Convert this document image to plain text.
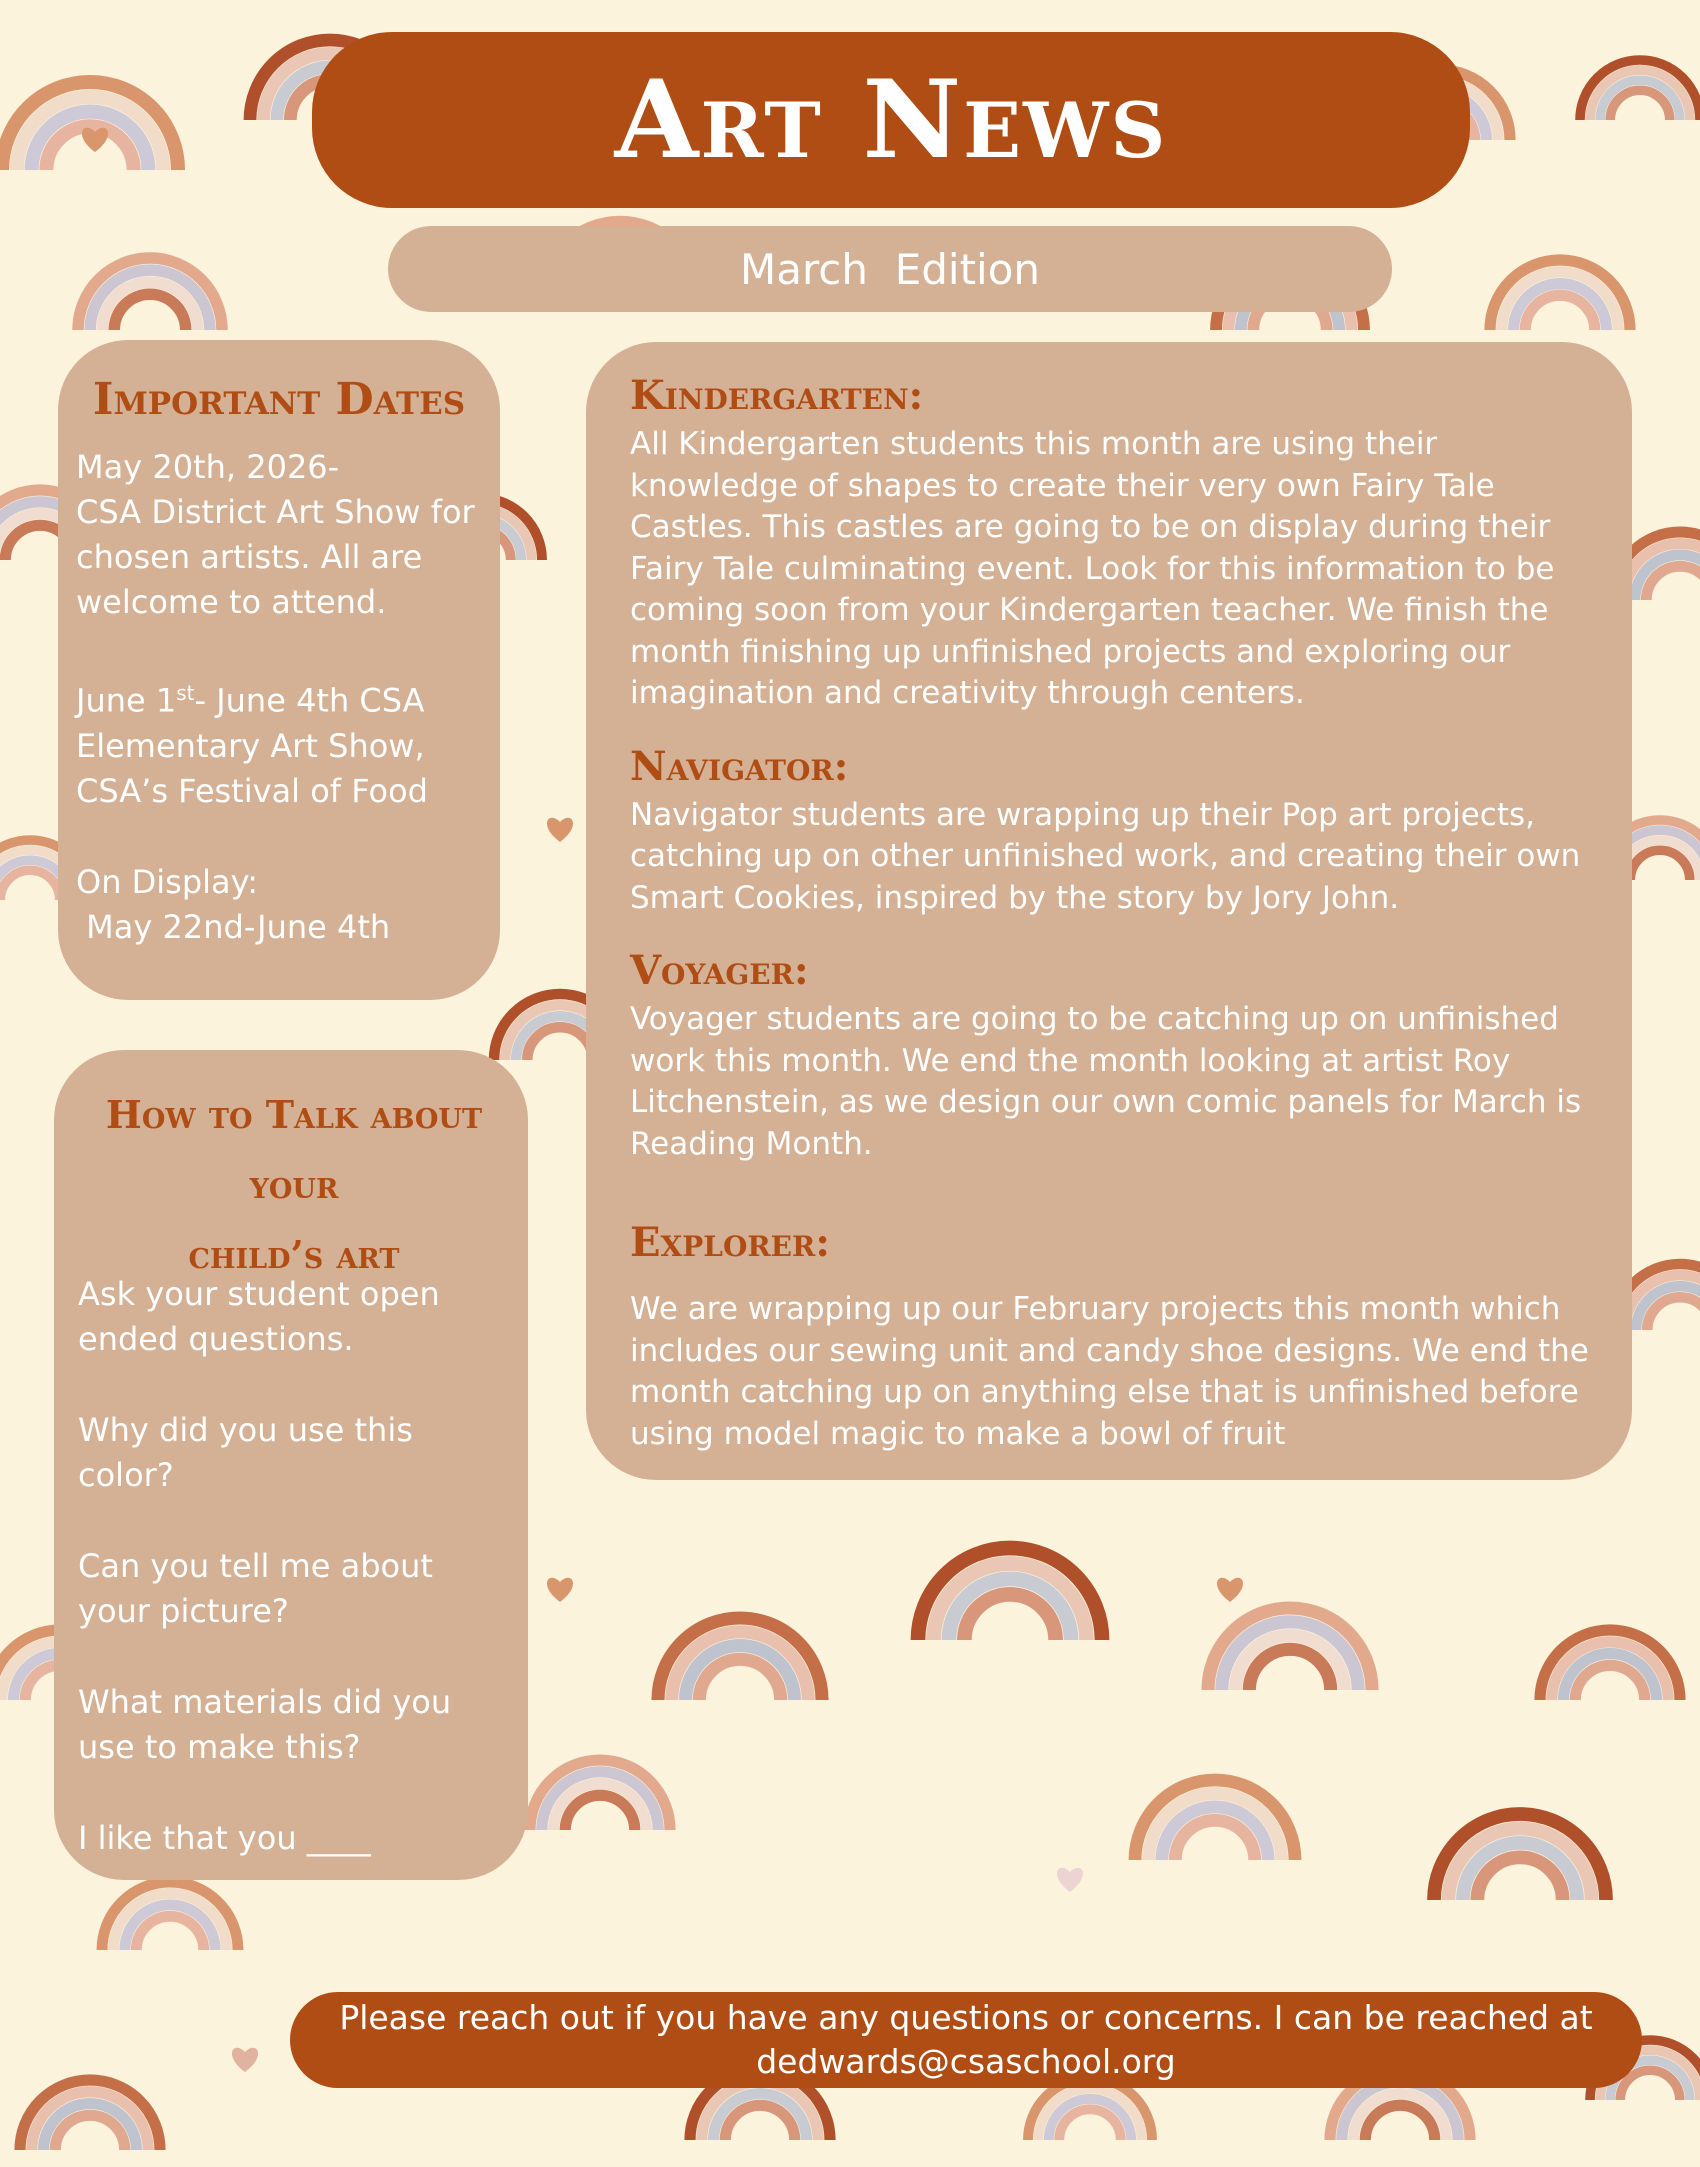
Art News
March  Edition
Important Dates
May 20th, 2026-
CSA District Art Show for
chosen artists. All are
welcome to attend.
June 1st- June 4th CSA
Elementary Art Show,
CSA’s Festival of Food
On Display:
May 22nd-June 4th
How to Talk about your
child’s art
Ask your student open
ended questions.
Why did you use this
color?
Can you tell me about
your picture?
What materials did you
use to make this?
I like that you ____
Kindergarten:
All Kindergarten students this month are using their knowledge of shapes to create their very own Fairy Tale Castles. This castles are going to be on display during their Fairy Tale culminating event. Look for this information to be coming soon from your Kindergarten teacher. We finish the month finishing up unfinished projects and exploring our imagination and creativity through centers.
Navigator:
Navigator students are wrapping up their Pop art projects, catching up on other unfinished work, and creating their own Smart Cookies, inspired by the story by Jory John.
Voyager:
Voyager students are going to be catching up on unfinished work this month. We end the month looking at artist Roy Litchenstein, as we design our own comic panels for March is Reading Month.
Explorer:
We are wrapping up our February projects this month which includes our sewing unit and candy shoe designs. We end the month catching up on anything else that is unfinished before using model magic to make a bowl of fruit
Please reach out if you have any questions or concerns. I can be reached at
dedwards@csaschool.org
